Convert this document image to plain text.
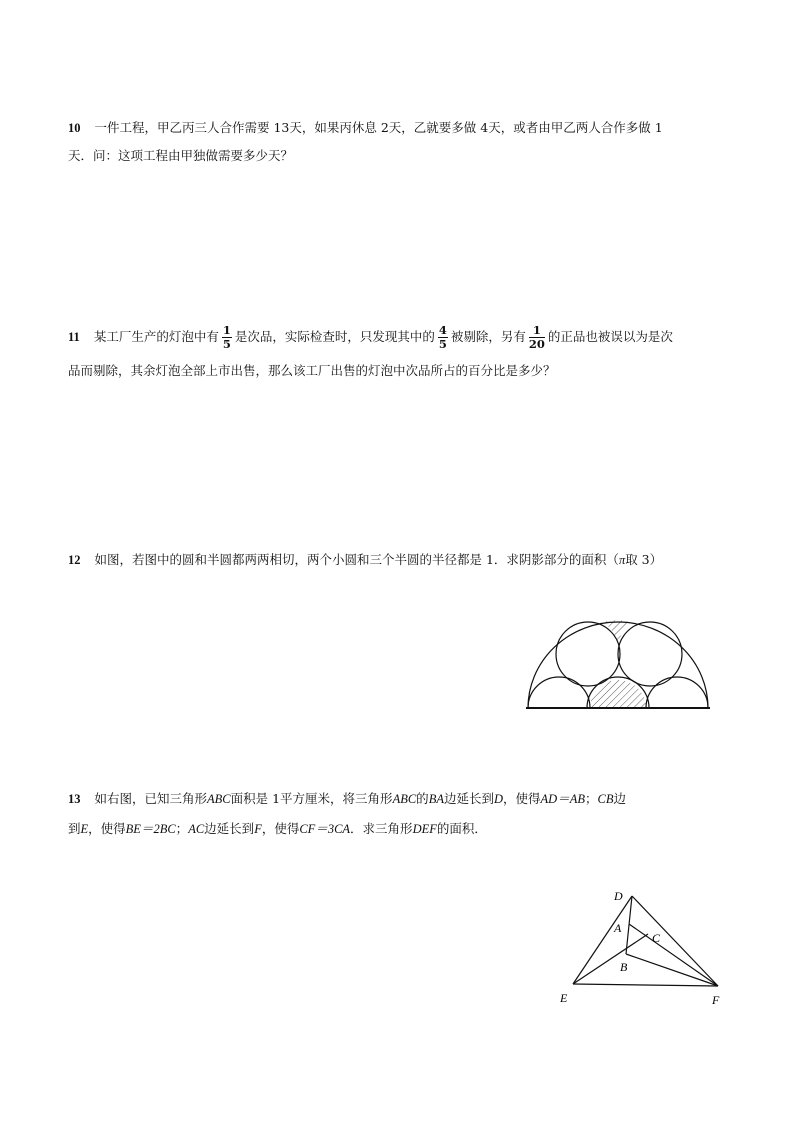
10 一件工程，甲乙丙三人合作需要 13天，如果丙休息 2天，乙就要多做 4天，或者由甲乙两人合作多做 1
天．问：这项工程由甲独做需要多少天？
11 某工厂生产的灯泡中有 $\frac{1}{5}$ 是次品，实际检查时，只发现其中的 $\frac{4}{5}$ 被剔除，另有 $\frac{1}{20}$ 的正品也被误以为是次
品而剔除，其余灯泡全部上市出售，那么该工厂出售的灯泡中次品所占的百分比是多少？
12 如图，若图中的圆和半圆都两两相切，两个小圆和三个半圆的半径都是 1．求阴影部分的面积（π取 3）
13 如右图，已知三角形ABC面积是 1平方厘米，将三角形ABC的BA边延长到D，使得AD＝AB；CB边
到E，使得BE＝2BC；AC边延长到F，使得CF＝3CA．求三角形DEF的面积．
D
A
C
B
E	F
